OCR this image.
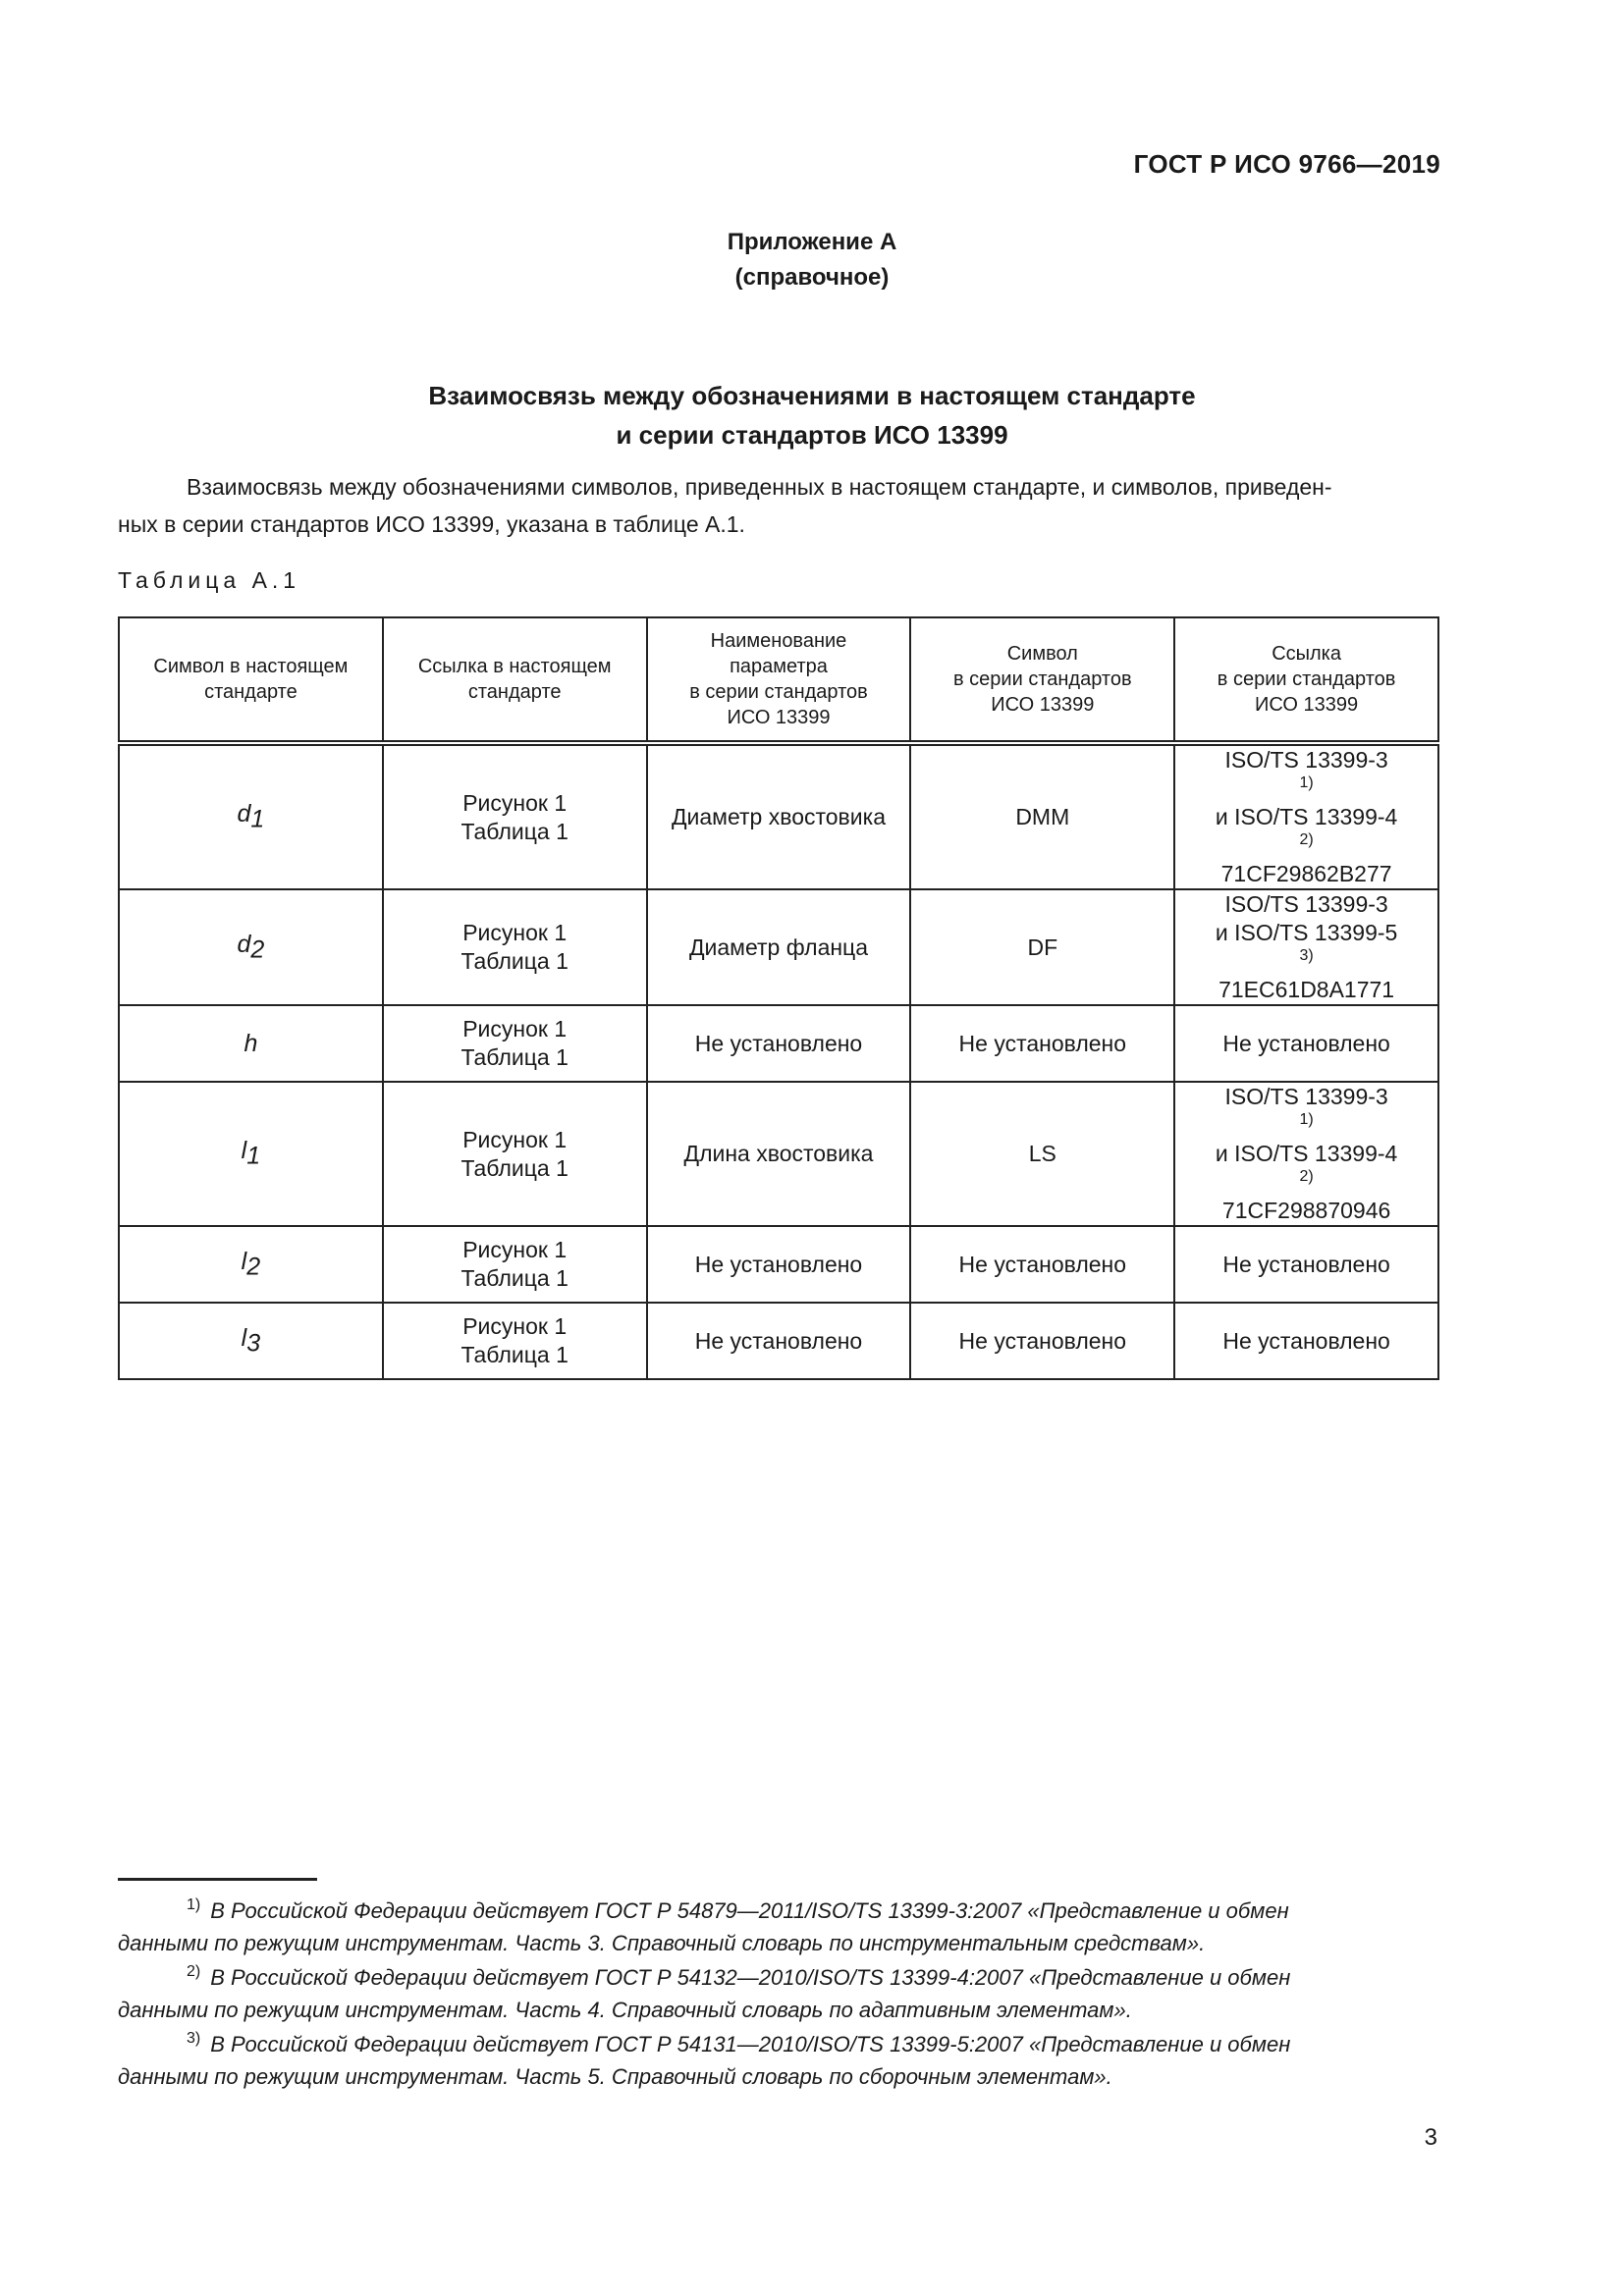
ГОСТ Р ИСО 9766—2019

Приложение А
(справочное)
Взаимосвязь между обозначениями в настоящем стандарте
и серии стандартов ИСО 13399

Взаимосвязь между обозначениями символов, приведенных в настоящем стандарте, и символов, приведен-
ных в серии стандартов ИСО 13399, указана в таблице А.1.

Таблица А.1

Символ в настоящем
стандарте	Ссылка в настоящем
стандарте	Наименование
параметра
в серии стандартов
ИСО 13399	Символ
в серии стандартов
ИСО 13399	Ссылка
в серии стандартов
ИСО 13399

$d_1$	Рисунок 1
Таблица 1	Диаметр хвостовика	DMM	ISO/TS 13399-3
$^{1)}$
и ISO/TS 13399-4
$^{2)}$
71CF29862B277

$d_2$	Рисунок 1
Таблица 1	Диаметр фланца	DF	ISO/TS 13399-3
и ISO/TS 13399-5
$^{3)}$
71EC61D8A1771

h	Рисунок 1
Таблица 1	Не установлено	Не установлено	Не установлено
$l_1$	Рисунок 1
Таблица 1	Длина хвостовика	LS	ISO/TS 13399-3
$^{1)}$
и ISO/TS 13399-4
$^{2)}$
71CF298870946

$l_2$	Рисунок 1
Таблица 1	Не установлено	Не установлено	Не установлено
$l_3$	Рисунок 1
Таблица 1	Не установлено	Не установлено	Не установлено
$^{1)}$ В Российской Федерации действует ГОСТ Р 54879—2011/ISO/TS 13399-3:2007 «Представление и обмен
данными по режущим инструментам. Часть 3. Справочный словарь по инструментальным средствам».
$^{2)}$ В Российской Федерации действует ГОСТ Р 54132—2010/ISO/TS 13399-4:2007 «Представление и обмен
данными по режущим инструментам. Часть 4. Справочный словарь по адаптивным элементам».
$^{3)}$ В Российской Федерации действует ГОСТ Р 54131—2010/ISO/TS 13399-5:2007 «Представление и обмен
данными по режущим инструментам. Часть 5. Справочный словарь по сборочным элементам».

3
